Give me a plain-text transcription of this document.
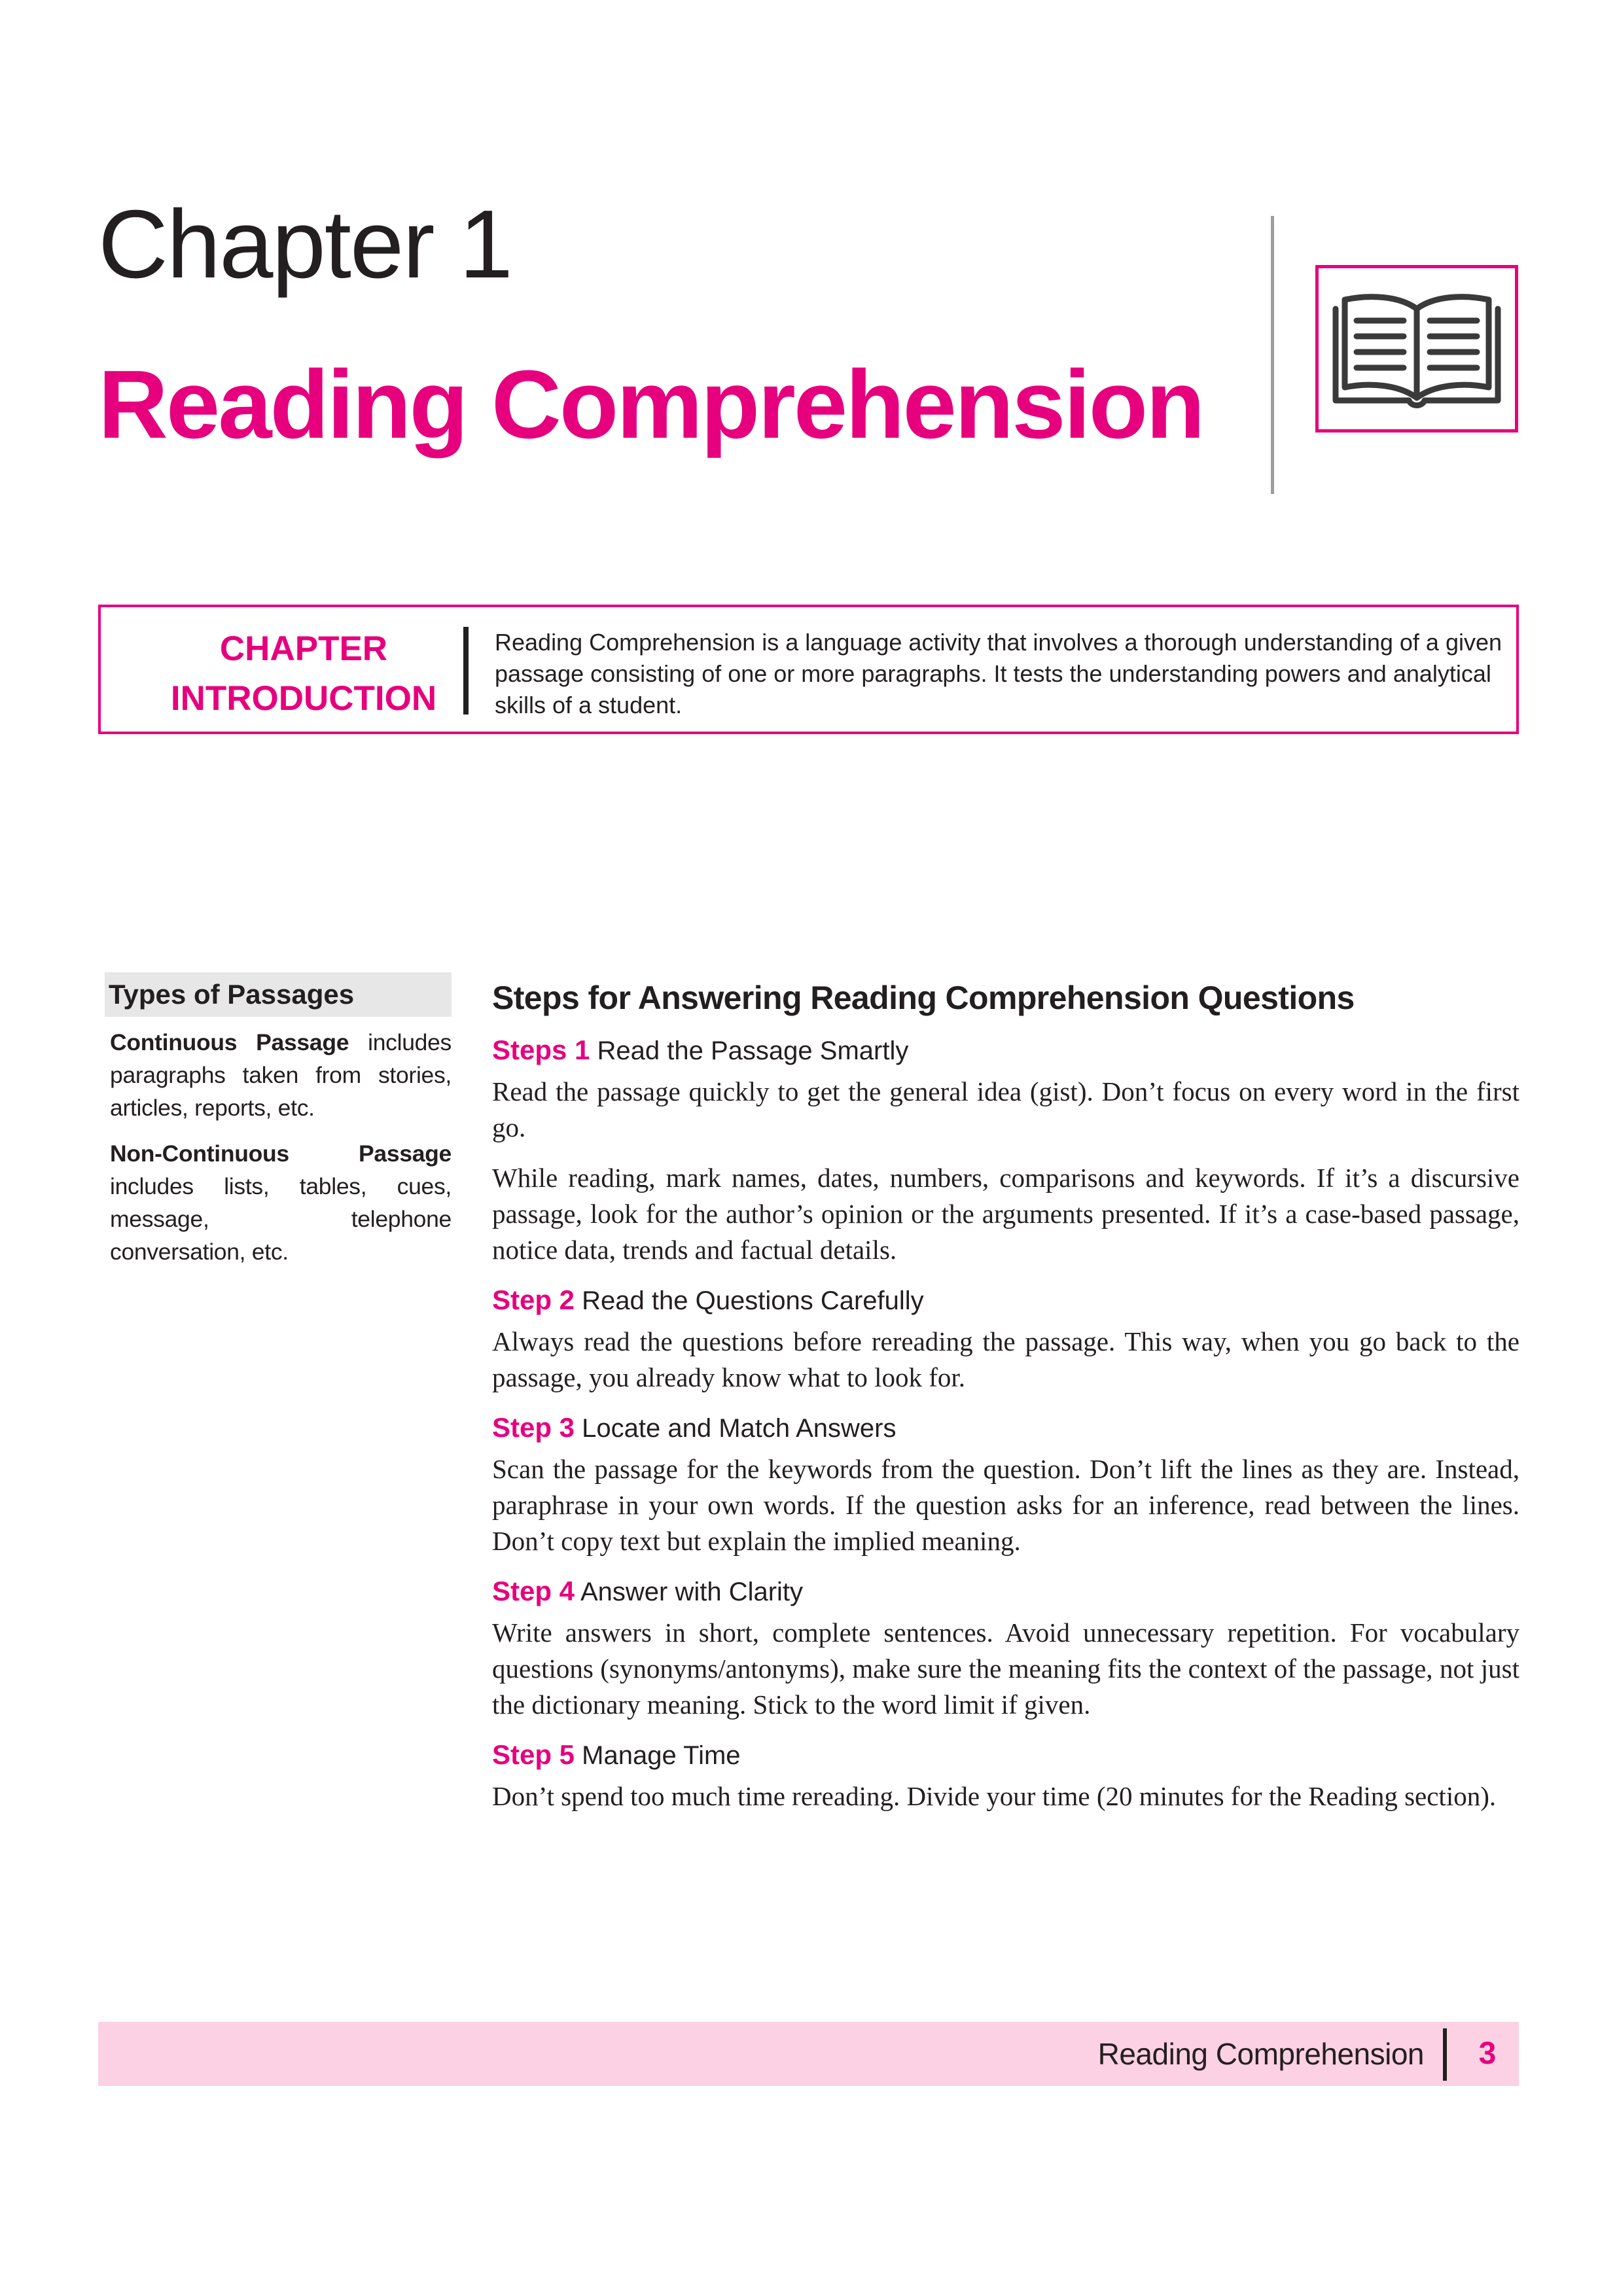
Chapter 1
Reading Comprehension
CHAPTER
INTRODUCTION
Reading Comprehension is a language activity that involves a thorough understanding of a given passage consisting of one or more paragraphs. It tests the understanding powers and analytical skills of a student.
Types of Passages

Continuous Passage includes paragraphs taken from stories, articles, reports, etc.

Non-Continuous Passage includes lists, tables, cues, message, telephone conversation, etc.

Steps for Answering Reading Comprehension Questions
Steps 1 Read the Passage Smartly

Read the passage quickly to get the general idea (gist). Don’t focus on every word in the first go.

While reading, mark names, dates, numbers, comparisons and keywords. If it’s a discursive passage, look for the author’s opinion or the arguments presented. If it’s a case-based passage, notice data, trends and factual details.

Step 2 Read the Questions Carefully

Always read the questions before rereading the passage. This way, when you go back to the passage, you already know what to look for.

Step 3 Locate and Match Answers

Scan the passage for the keywords from the question. Don’t lift the lines as they are. Instead, paraphrase in your own words. If the question asks for an inference, read between the lines. Don’t copy text but explain the implied meaning.

Step 4 Answer with Clarity

Write answers in short, complete sentences. Avoid unnecessary repetition. For vocabulary questions (synonyms/antonyms), make sure the meaning fits the context of the passage, not just the dictionary meaning. Stick to the word limit if given.

Step 5 Manage Time

Don’t spend too much time rereading. Divide your time (20 minutes for the Reading section).

Reading Comprehension	3
